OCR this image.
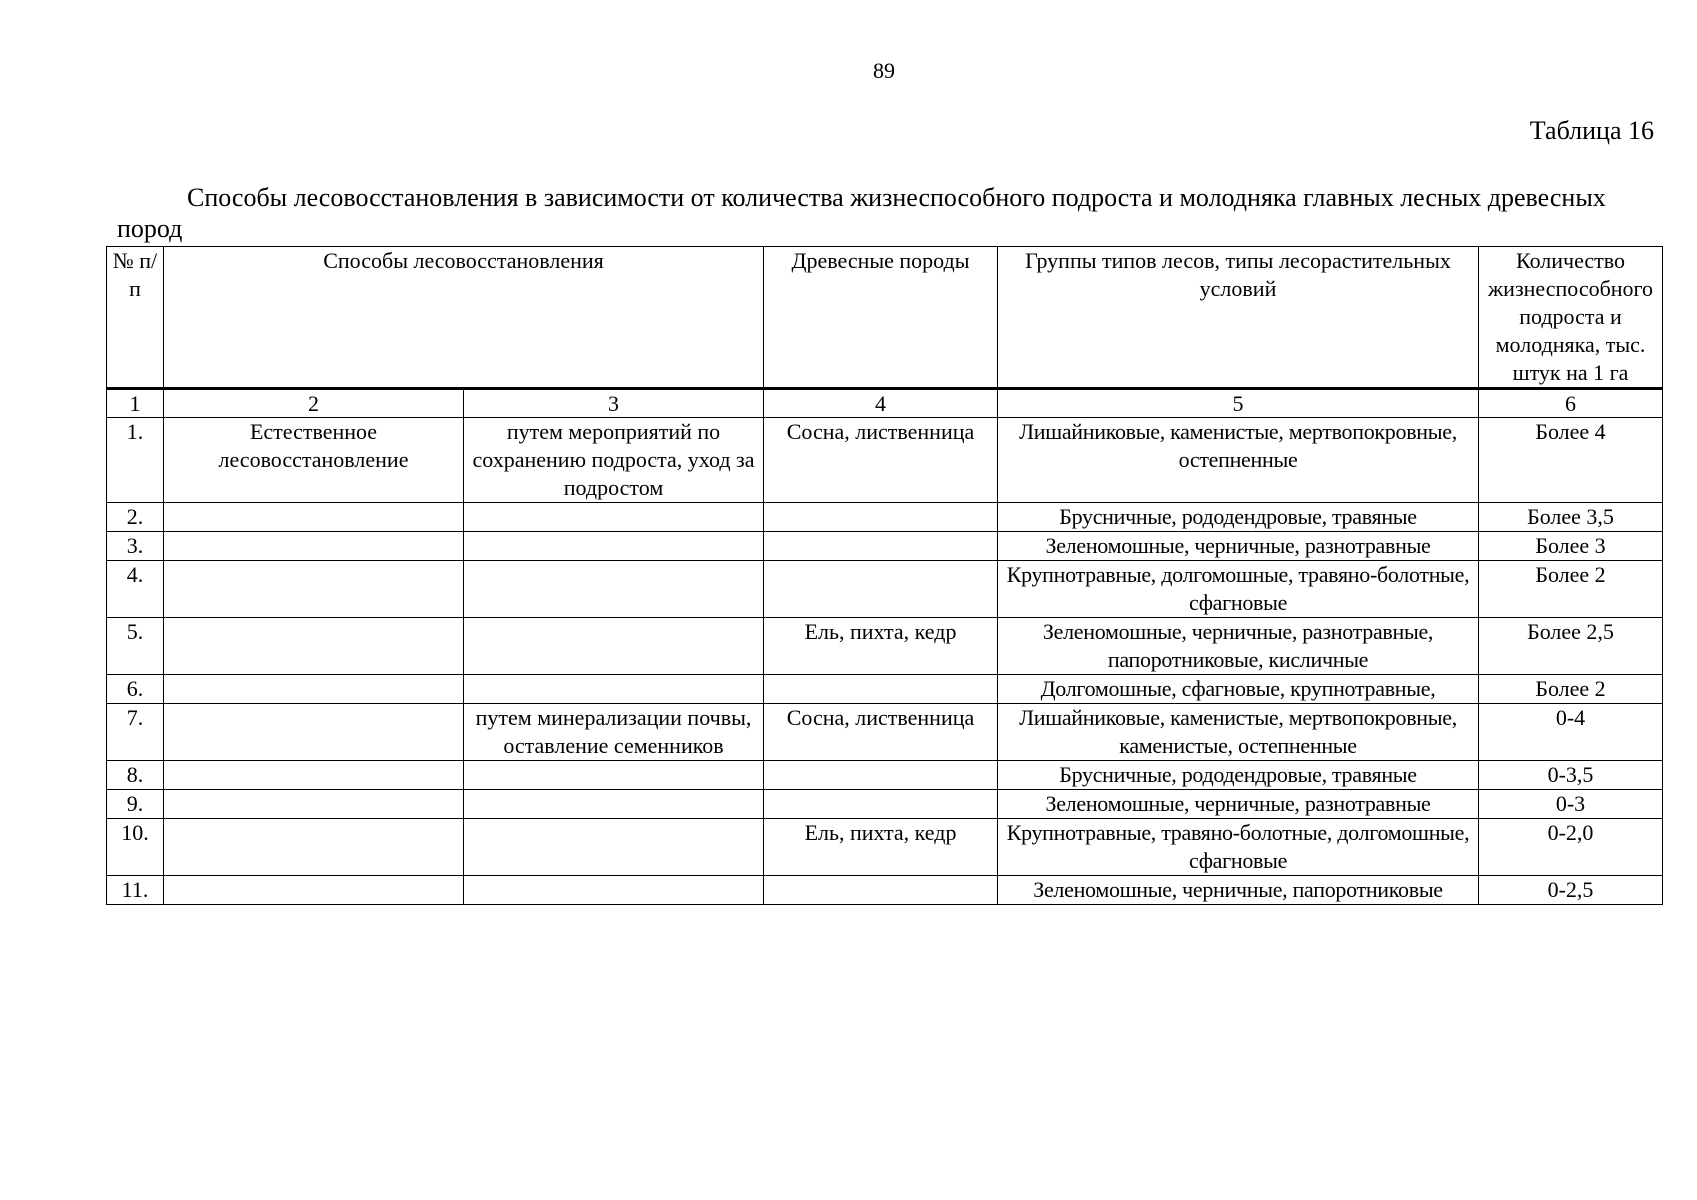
89
Таблица 16
Способы лесовосстановления в зависимости от количества жизнеспособного подроста и молодняка главных лесных древесных пород
№ п/п	Способы лесовосстановления		Древесные породы	Группы типов лесов, типы лесорастительных условий	Количество жизнеспособного подроста и молодняка, тыс. штук на 1 га
1	2	3	4	5	6
1.	Естественное лесовосстановление	путем мероприятий по сохранению подроста, уход за подростом	Сосна, лиственница	Лишайниковые, каменистые, мертвопокровные, остепненные	Более 4
2.				Брусничные, рододендровые, травяные	Более 3,5
3.				Зеленомошные, черничные, разнотравные	Более 3
4.				Крупнотравные, долгомошные, травяно-болотные, сфагновые	Более 2
5.			Ель, пихта, кедр	Зеленомошные, черничные, разнотравные, папоротниковые, кисличные	Более 2,5
6.				Долгомошные, сфагновые, крупнотравные,	Более 2
7.		путем минерализации почвы, оставление семенников	Сосна, лиственница	Лишайниковые, каменистые, мертвопокровные, каменистые, остепненные	0-4
8.				Брусничные, рододендровые, травяные	0-3,5
9.				Зеленомошные, черничные, разнотравные	0-3
10.			Ель, пихта, кедр	Крупнотравные, травяно-болотные, долгомошные, сфагновые	0-2,0
11.				Зеленомошные, черничные, папоротниковые	0-2,5
